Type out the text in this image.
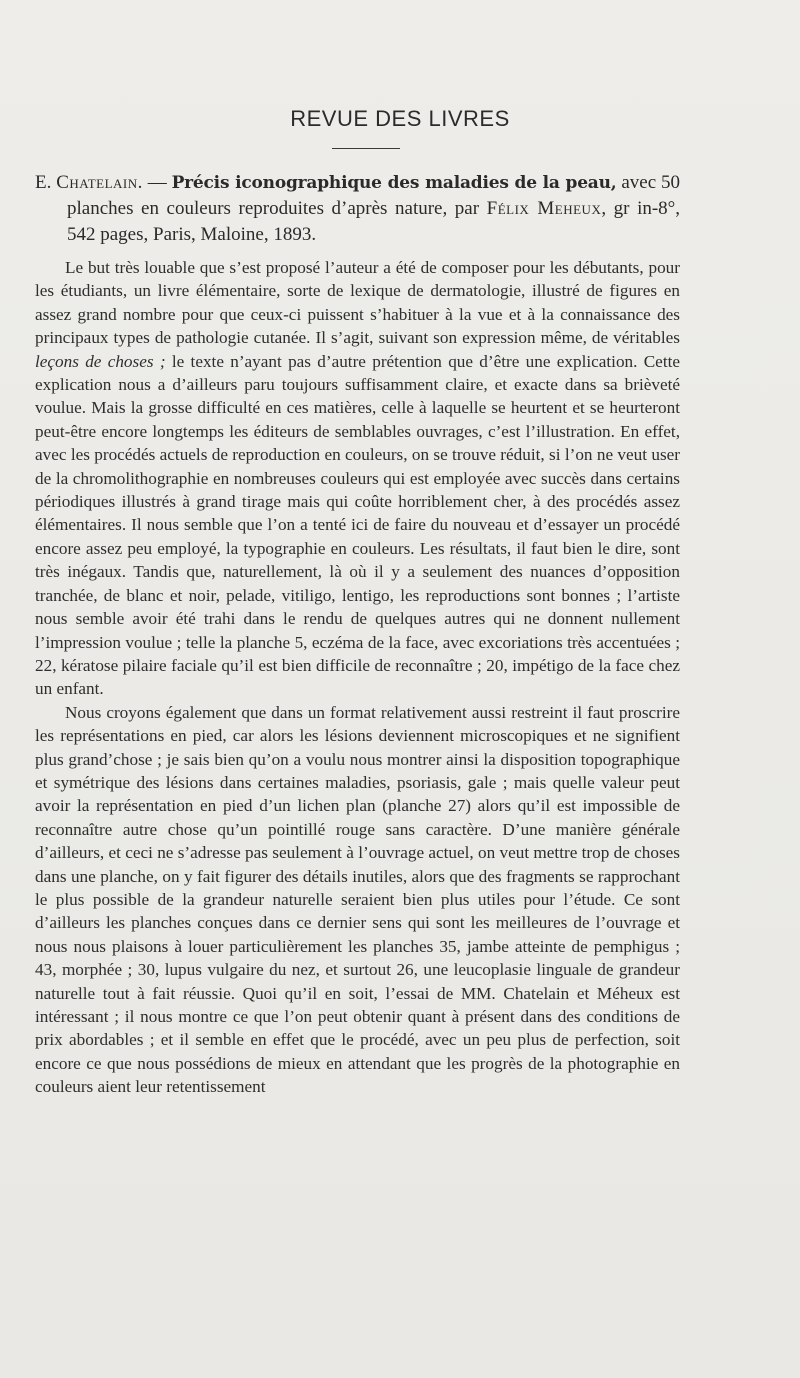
REVUE DES LIVRES

E. Chatelain. — Précis iconographique des maladies de la peau, avec 50 planches en couleurs reproduites d’après nature, par Félix Meheux, gr in-8°, 542 pages, Paris, Maloine, 1893.

Le but très louable que s’est proposé l’auteur a été de composer pour les débutants, pour les étudiants, un livre élémentaire, sorte de lexique de dermatologie, illustré de figures en assez grand nombre pour que ceux-ci puissent s’habituer à la vue et à la connaissance des principaux types de pathologie cutanée. Il s’agit, suivant son expression même, de véritables leçons de choses ; le texte n’ayant pas d’autre prétention que d’être une explication. Cette explication nous a d’ailleurs paru toujours suffisamment claire, et exacte dans sa brièveté voulue. Mais la grosse difficulté en ces matières, celle à laquelle se heurtent et se heurteront peut-être encore longtemps les éditeurs de semblables ouvrages, c’est l’illustration. En effet, avec les procédés actuels de reproduction en couleurs, on se trouve réduit, si l’on ne veut user de la chromolithographie en nombreuses couleurs qui est employée avec succès dans certains périodiques illustrés à grand tirage mais qui coûte horriblement cher, à des procédés assez élémentaires. Il nous semble que l’on a tenté ici de faire du nouveau et d’essayer un procédé encore assez peu employé, la typographie en couleurs. Les résultats, il faut bien le dire, sont très inégaux. Tandis que, naturellement, là où il y a seulement des nuances d’opposition tranchée, de blanc et noir, pelade, vitiligo, lentigo, les reproductions sont bonnes ; l’artiste nous semble avoir été trahi dans le rendu de quelques autres qui ne donnent nullement l’impression voulue ; telle la planche 5, eczéma de la face, avec excoriations très accentuées ; 22, kératose pilaire faciale qu’il est bien difficile de reconnaître ; 20, impétigo de la face chez un enfant.

Nous croyons également que dans un format relativement aussi restreint il faut proscrire les représentations en pied, car alors les lésions deviennent microscopiques et ne signifient plus grand’chose ; je sais bien qu’on a voulu nous montrer ainsi la disposition topographique et symétrique des lésions dans certaines maladies, psoriasis, gale ; mais quelle valeur peut avoir la représentation en pied d’un lichen plan (planche 27) alors qu’il est impossible de reconnaître autre chose qu’un pointillé rouge sans caractère. D’une manière générale d’ailleurs, et ceci ne s’adresse pas seulement à l’ouvrage actuel, on veut mettre trop de choses dans une planche, on y fait figurer des détails inutiles, alors que des fragments se rapprochant le plus possible de la grandeur naturelle seraient bien plus utiles pour l’étude. Ce sont d’ailleurs les planches conçues dans ce dernier sens qui sont les meilleures de l’ouvrage et nous nous plaisons à louer particulièrement les planches 35, jambe atteinte de pemphigus ; 43, morphée ; 30, lupus vulgaire du nez, et surtout 26, une leucoplasie linguale de grandeur naturelle tout à fait réussie. Quoi qu’il en soit, l’essai de MM. Chatelain et Méheux est intéressant ; il nous montre ce que l’on peut obtenir quant à présent dans des conditions de prix abordables ; et il semble en effet que le procédé, avec un peu plus de perfection, soit encore ce que nous possédions de mieux en attendant que les progrès de la photographie en couleurs aient leur retentissement
